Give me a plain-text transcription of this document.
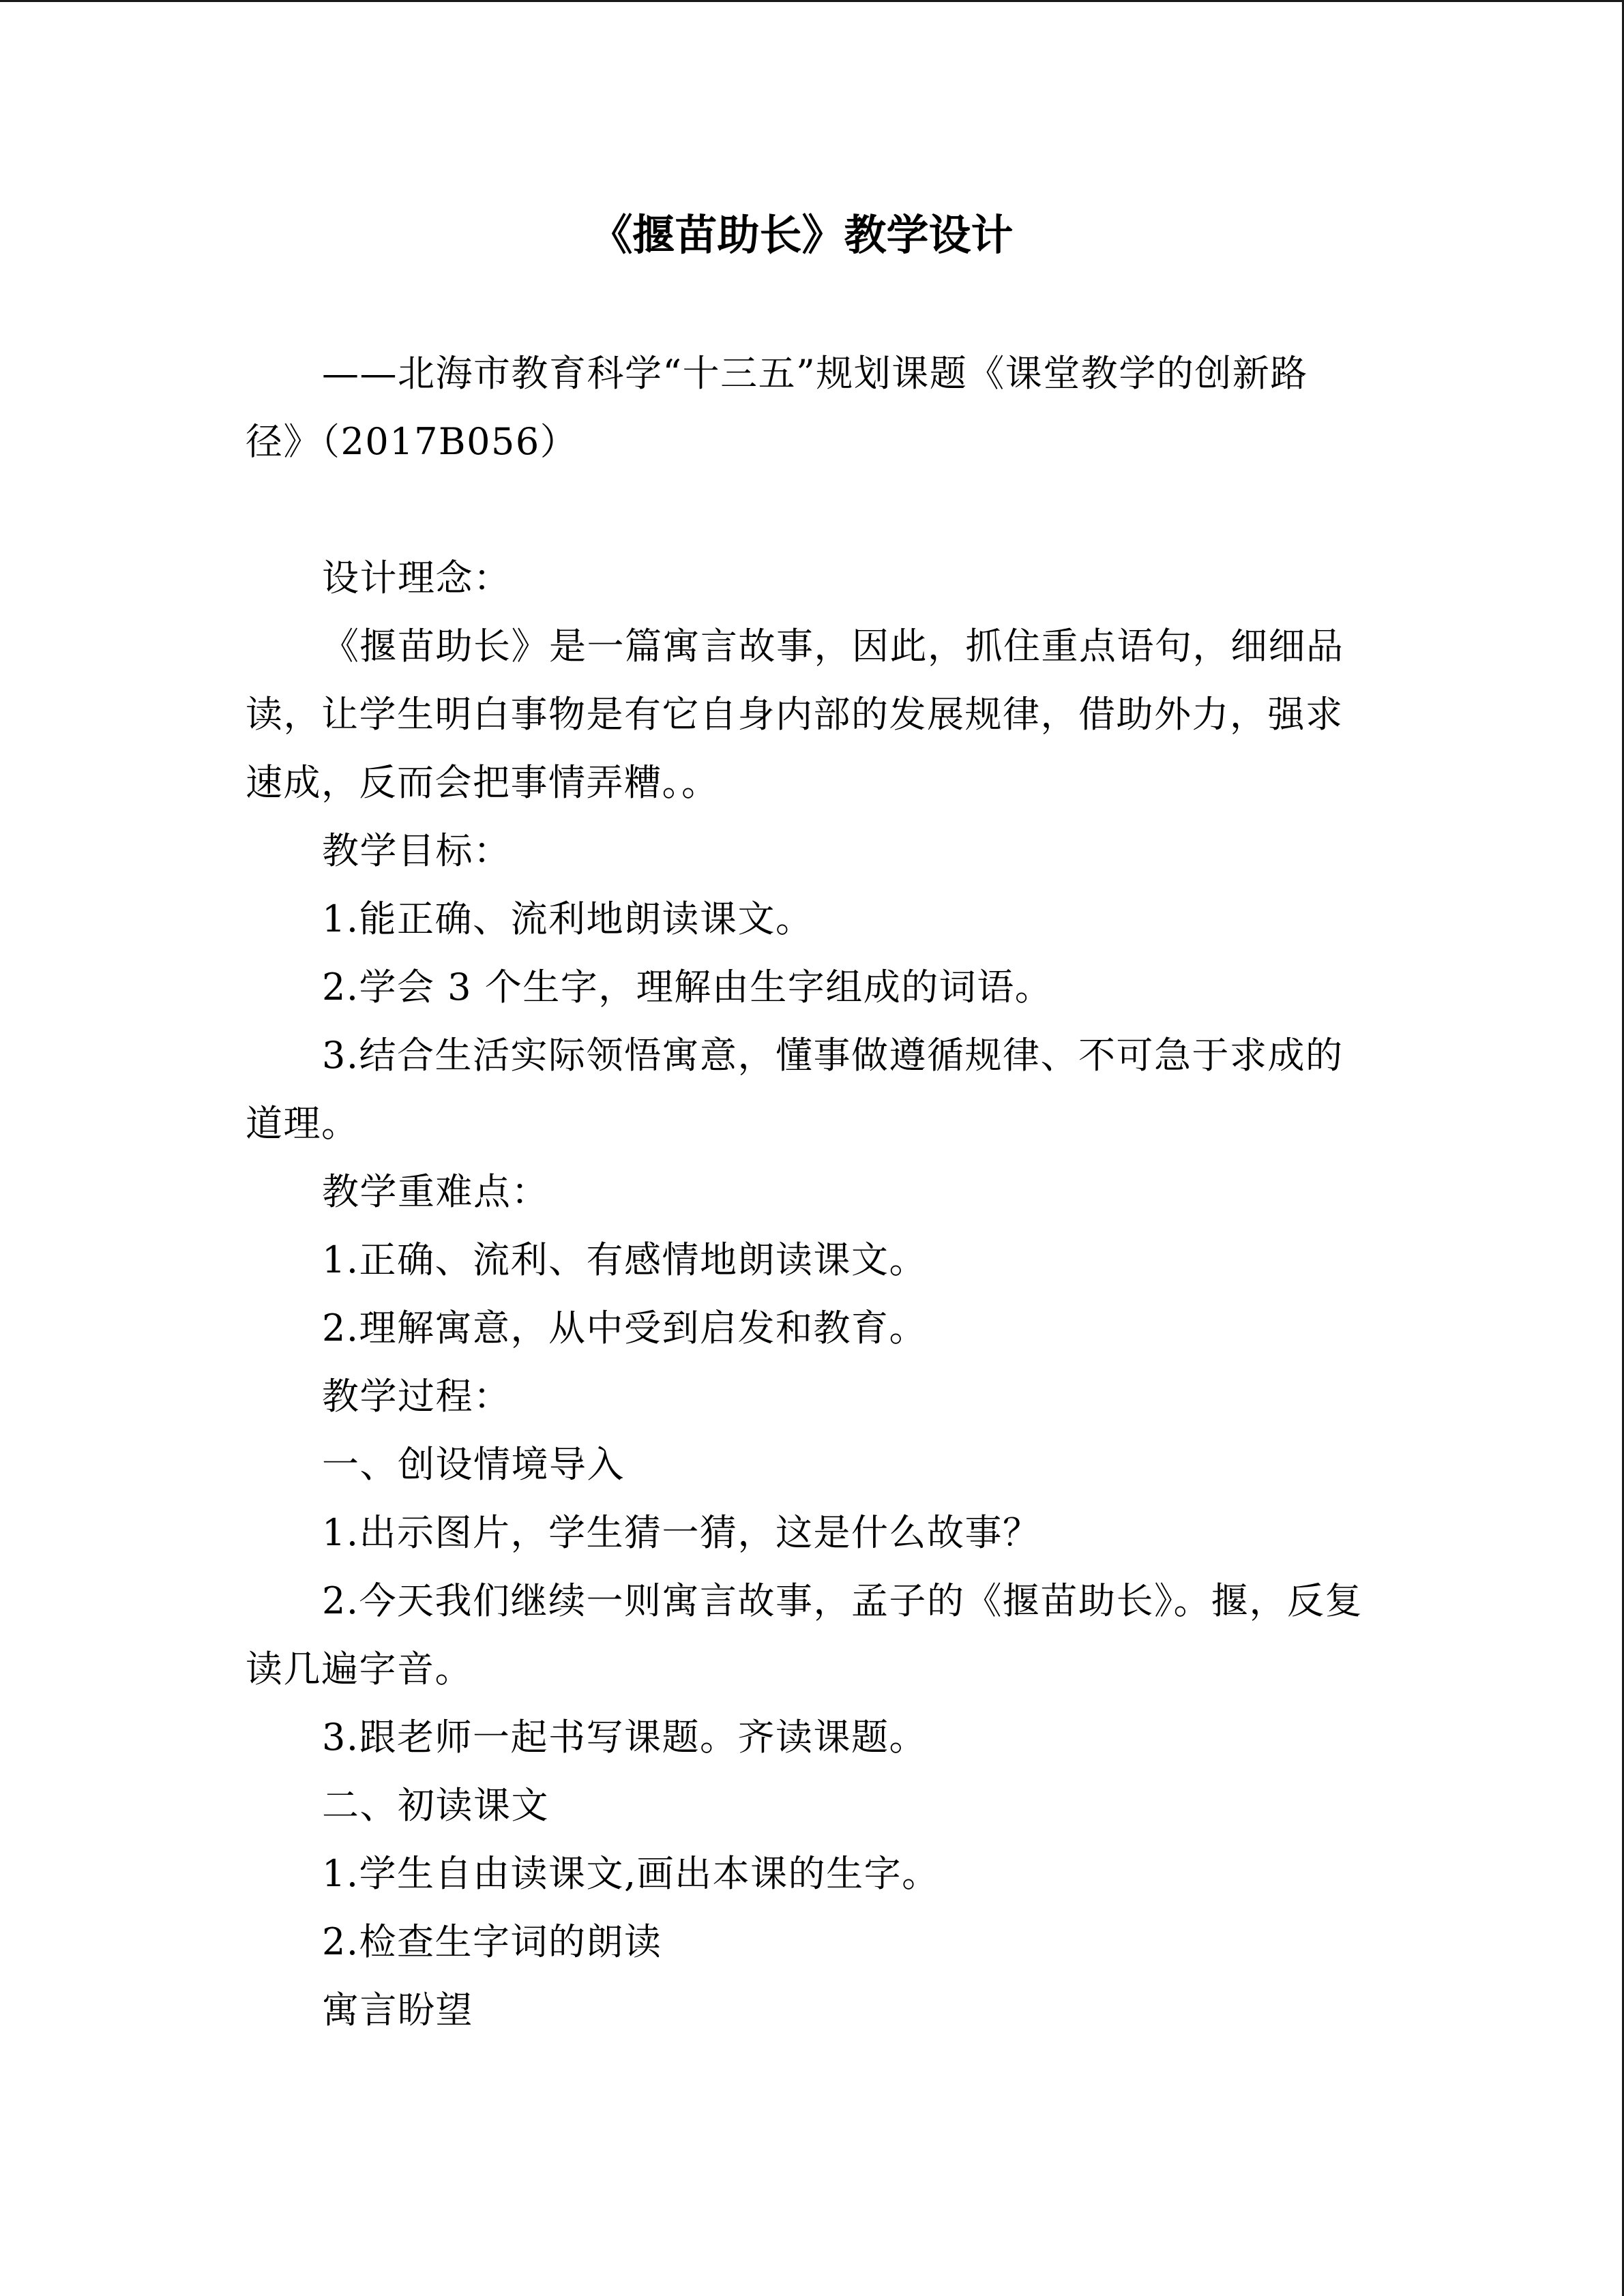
《揠苗助长》教学设计
——北海市教育科学“十三五”规划课题《课堂教学的创新路
径》（2017B056）
设计理念：
《揠苗助长》是一篇寓言故事，因此，抓住重点语句，细细品
读，让学生明白事物是有它自身内部的发展规律，借助外力，强求
速成，反而会把事情弄糟。。
教学目标：
1.能正确、流利地朗读课文。
2.学会 3 个生字，理解由生字组成的词语。
3.结合生活实际领悟寓意，懂事做遵循规律、不可急于求成的
道理。
教学重难点：
1.正确、流利、有感情地朗读课文。
2.理解寓意，从中受到启发和教育。
教学过程：
一、创设情境导入
1.出示图片，学生猜一猜，这是什么故事？
2.今天我们继续一则寓言故事，孟子的《揠苗助长》。揠，反复
读几遍字音。
3.跟老师一起书写课题。齐读课题。
二、初读课文
1.学生自由读课文,画出本课的生字。
2.检查生字词的朗读
寓言盼望
